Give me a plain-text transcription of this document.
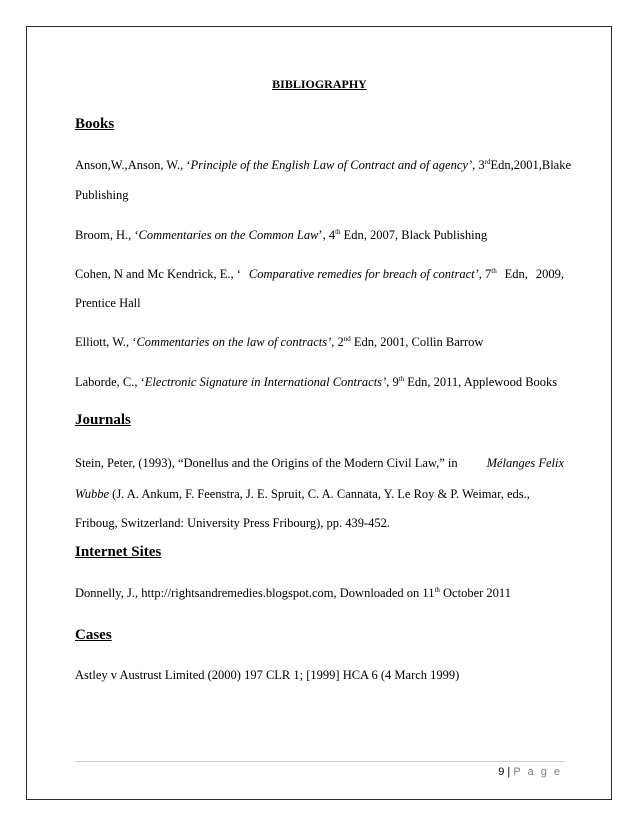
BIBLIOGRAPHY
Books
Anson, W., Anson, W., ‘Principle of the English Law of Contract and of agency’, 3rd Edn, 2001, Blake
Publishing
Broom, H., ‘Commentaries on the Common Law’, 4th Edn, 2007, Black Publishing
Cohen, N and Mc Kendrick, E., ‘ Comparative remedies for breach of contract’, 7th Edn, 2009,
Prentice Hall
Elliott, W., ‘Commentaries on the law of contracts’, 2nd Edn, 2001, Collin Barrow
Laborde, C., ‘Electronic Signature in International Contracts’, 9th Edn, 2011, Applewood Books
Journals
Stein, Peter, (1993), “Donellus and the Origins of the Modern Civil Law,” in Mélanges Felix
Wubbe (J. A. Ankum, F. Feenstra, J. E. Spruit, C. A. Cannata, Y. Le Roy & P. Weimar, eds.,
Friboug, Switzerland: University Press Fribourg), pp. 439-452.
Internet Sites
Donnelly, J., http://rightsandremedies.blogspot.com, Downloaded on 11th October 2011
Cases
Astley v Austrust Limited (2000) 197 CLR 1; [1999] HCA 6 (4 March 1999)
9 | P a g e
